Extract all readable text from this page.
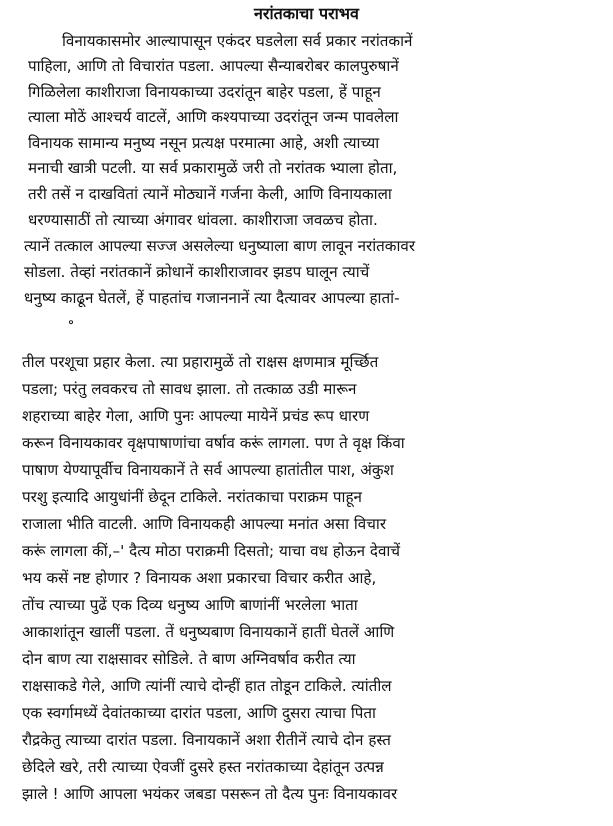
नरांतकाचा पराभव
विनायकासमोर आल्यापासून एकंदर घडलेला सर्व प्रकार नरांतकानें
पाहिला, आणि तो विचारांत पडला. आपल्या सैन्याबरोबर कालपुरुषानें
गिळिलेला काशीराजा विनायकाच्या उदरांतून बाहेर पडला, हें पाहून
त्याला मोठें आश्चर्य वाटलें, आणि कश्यपाच्या उदरांतून जन्म पावलेला
विनायक सामान्य मनुष्य नसून प्रत्यक्ष परमात्मा आहे, अशी त्याच्या
मनाची खात्री पटली. या सर्व प्रकारामुळें जरी तो नरांतक भ्याला होता,
तरी तसें न दाखवितां त्यानें मोठ्यानें गर्जना केली, आणि विनायकाला
धरण्यासाठीं तो त्याच्या अंगावर धांवला. काशीराजा जवळच होता.
त्यानें तत्काल आपल्या सज्ज असलेल्या धनुष्याला बाण लावून नरांतकावर
सोडला. तेव्हां नरांतकानें क्रोधानें काशीराजावर झडप घालून त्याचें
धनुष्य काढून घेतलें, हें पाहतांच गजाननानें त्या दैत्यावर आपल्या हातां-
॰
तील परशूचा प्रहार केला. त्या प्रहारामुळें तो राक्षस क्षणमात्र मूर्च्छित
पडला; परंतु लवकरच तो सावध झाला. तो तत्काळ उडी मारून
शहराच्या बाहेर गेला, आणि पुनः आपल्या मायेनें प्रचंड रूप धारण
करून विनायकावर वृक्षपाषाणांचा वर्षाव करूं लागला. पण ते वृक्ष किंवा
पाषाण येण्यापूर्वीच विनायकानें ते सर्व आपल्या हातांतील पाश, अंकुश
परशु इत्यादि आयुधांनीं छेदून टाकिले. नरांतकाचा पराक्रम पाहून
राजाला भीति वाटली. आणि विनायकही आपल्या मनांत असा विचार
करूं लागला कीं,–' दैत्य मोठा पराक्रमी दिसतो; याचा वध होऊन देवाचें
भय कसें नष्ट होणार ? विनायक अशा प्रकारचा विचार करीत आहे,
तोंच त्याच्या पुढें एक दिव्य धनुष्य आणि बाणांनीं भरलेला भाता
आकाशांतून खालीं पडला. तें धनुष्यबाण विनायकानें हातीं घेतलें आणि
दोन बाण त्या राक्षसावर सोडिले. ते बाण अग्निवर्षाव करीत त्या
राक्षसाकडे गेले, आणि त्यांनीं त्याचे दोन्हीं हात तोडून टाकिले. त्यांतील
एक स्वर्गामध्यें देवांतकाच्या दारांत पडला, आणि दुसरा त्याचा पिता
रौद्रकेतु त्याच्या दारांत पडला. विनायकानें अशा रीतीनें त्याचे दोन हस्त
छेदिले खरे, तरी त्याच्या ऐवजीं दुसरे हस्त नरांतकाच्या देहांतून उत्पन्न
झाले ! आणि आपला भयंकर जबडा पसरून तो दैत्य पुनः विनायकावर
